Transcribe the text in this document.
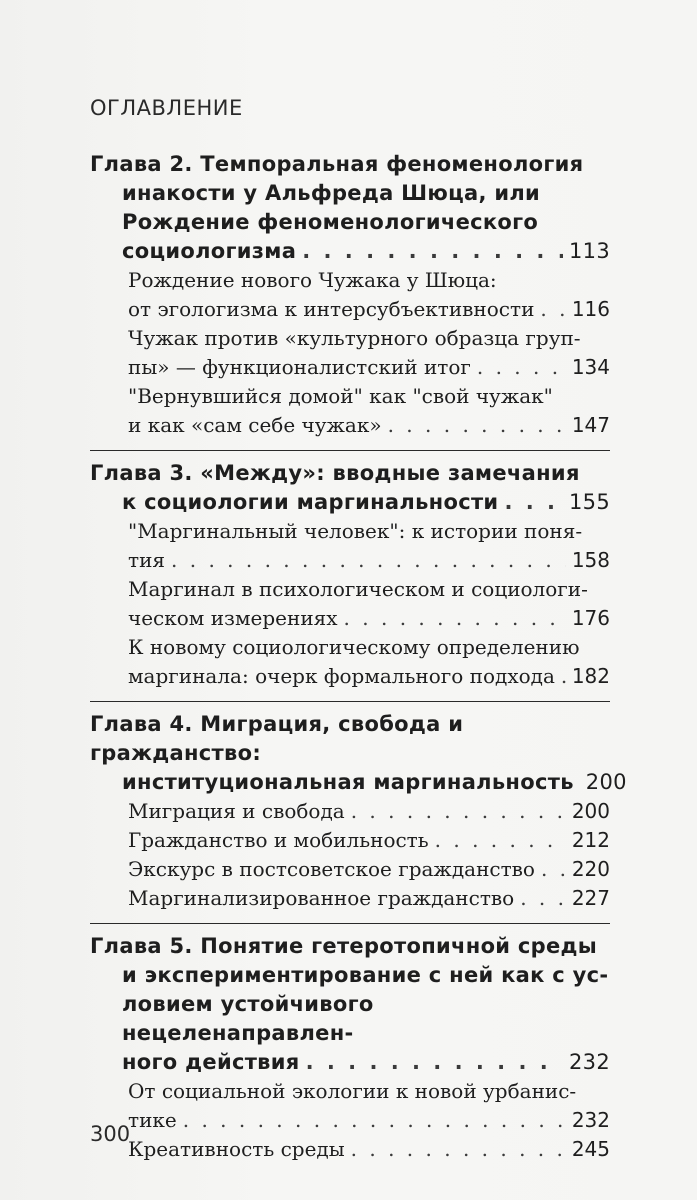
ОГЛАВЛЕНИЕ
Глава 2. Темпоральная феноменология
инакости у Альфреда Шюца, или
Рождение феноменологического
социологизма . . .	113
Рождение нового Чужака у Шюца:
от эгологизма к интерсубъективности . . . 116
Чужак против «культурного образца груп-
пы» — функционалистский итог . . .	134
"Вернувшийся домой" как "свой чужак"
и как «сам себе чужак» . . .	147
Глава 3. «Между»: вводные замечания
к социологии маргинальности . . .	155
"Маргинальный человек": к истории поня-
тия . . .	158
Маргинал в психологическом и социологи-
ческом измерениях . . .	176
К новому социологическому определению
маргинала: очерк формального подхода . . . 182
Глава 4. Миграция, свобода и гражданство:
институциональная маргинальность 200
Миграция и свобода . . .	200
Гражданство и мобильность . . .	212
Экскурс в постсоветское гражданство . . . 220
Маргинализированное гражданство . . .	227
Глава 5. Понятие гетеротопичной среды
и экспериментирование с ней как с ус-
ловием устойчивого нецеленаправлен-
ного действия . . .	232
От социальной экологии к новой урбанис-
тике . . .	232
Креативность среды . . .	245
300
